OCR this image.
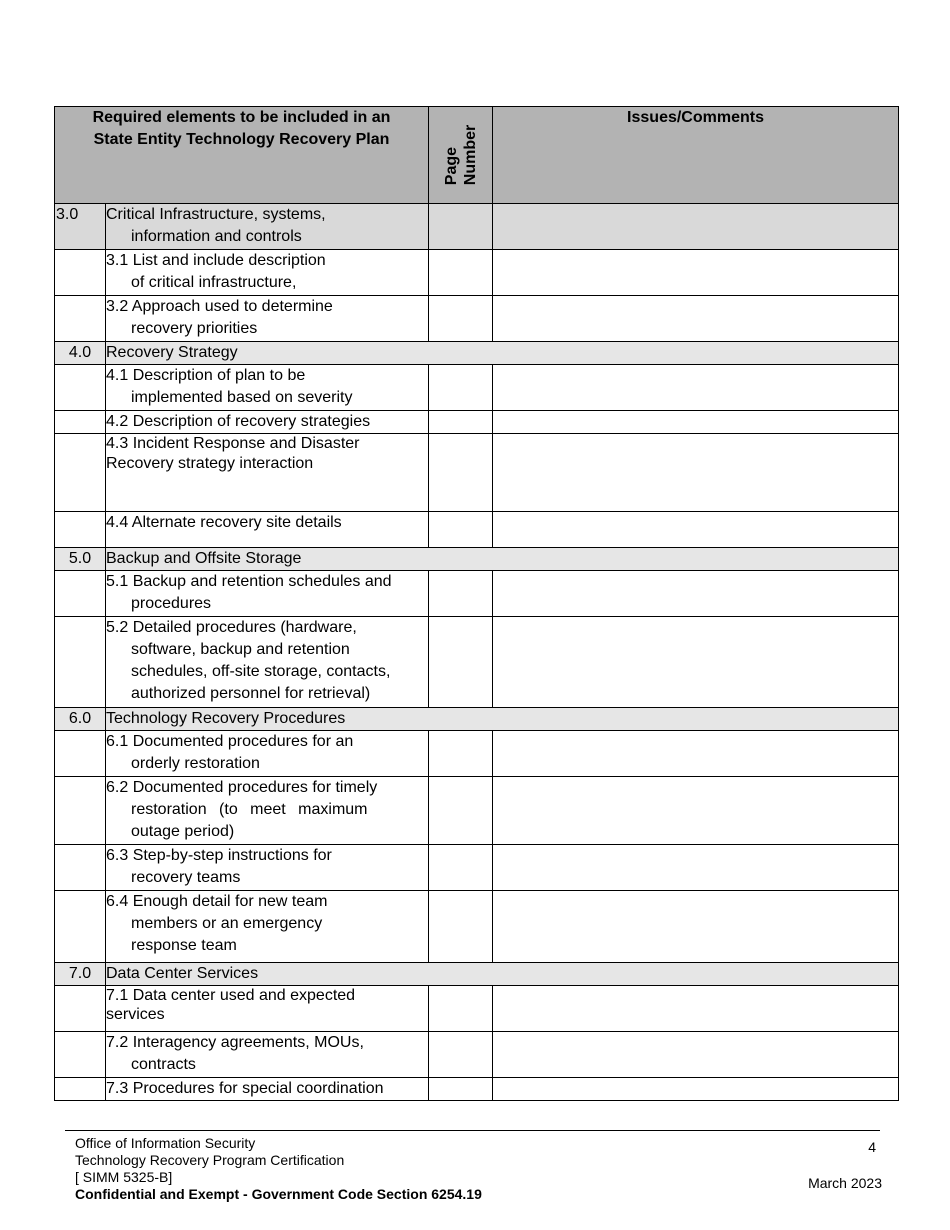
Required elements to be included in an
State Entity Technology Recovery Plan		Page Number	Issues/Comments
3.0	Critical Infrastructure, systems,
information and controls		

	3.1 List and include description
of critical infrastructure,		

	3.2 Approach used to determine
recovery priorities		

4.0	Recovery Strategy		
	4.1 Description of plan to be
implemented based on severity		

	4.2 Description of recovery strategies		
	4.3 Incident Response and Disaster
Recovery strategy interaction		
	4.4 Alternate recovery site details		
5.0	Backup and Offsite Storage		
	5.1 Backup and retention schedules and
procedures		

	5.2 Detailed procedures (hardware,
software, backup and retention
schedules, off-site storage, contacts,
authorized personnel for retrieval)		

6.0	Technology Recovery Procedures		
	6.1 Documented procedures for an
orderly restoration		

	6.2 Documented procedures for timely
restoration (to meet maximum
outage period)		

	6.3 Step-by-step instructions for
recovery teams		

	6.4 Enough detail for new team
members or an emergency
response team		

7.0	Data Center Services		
	7.1 Data center used and expected
services		
	7.2 Interagency agreements, MOUs,
contracts		

	7.3 Procedures for special coordination		
Office of Information Security
Technology Recovery Program Certification
[ SIMM 5325-B]
Confidential and Exempt - Government Code Section 6254.19
4
March 2023
